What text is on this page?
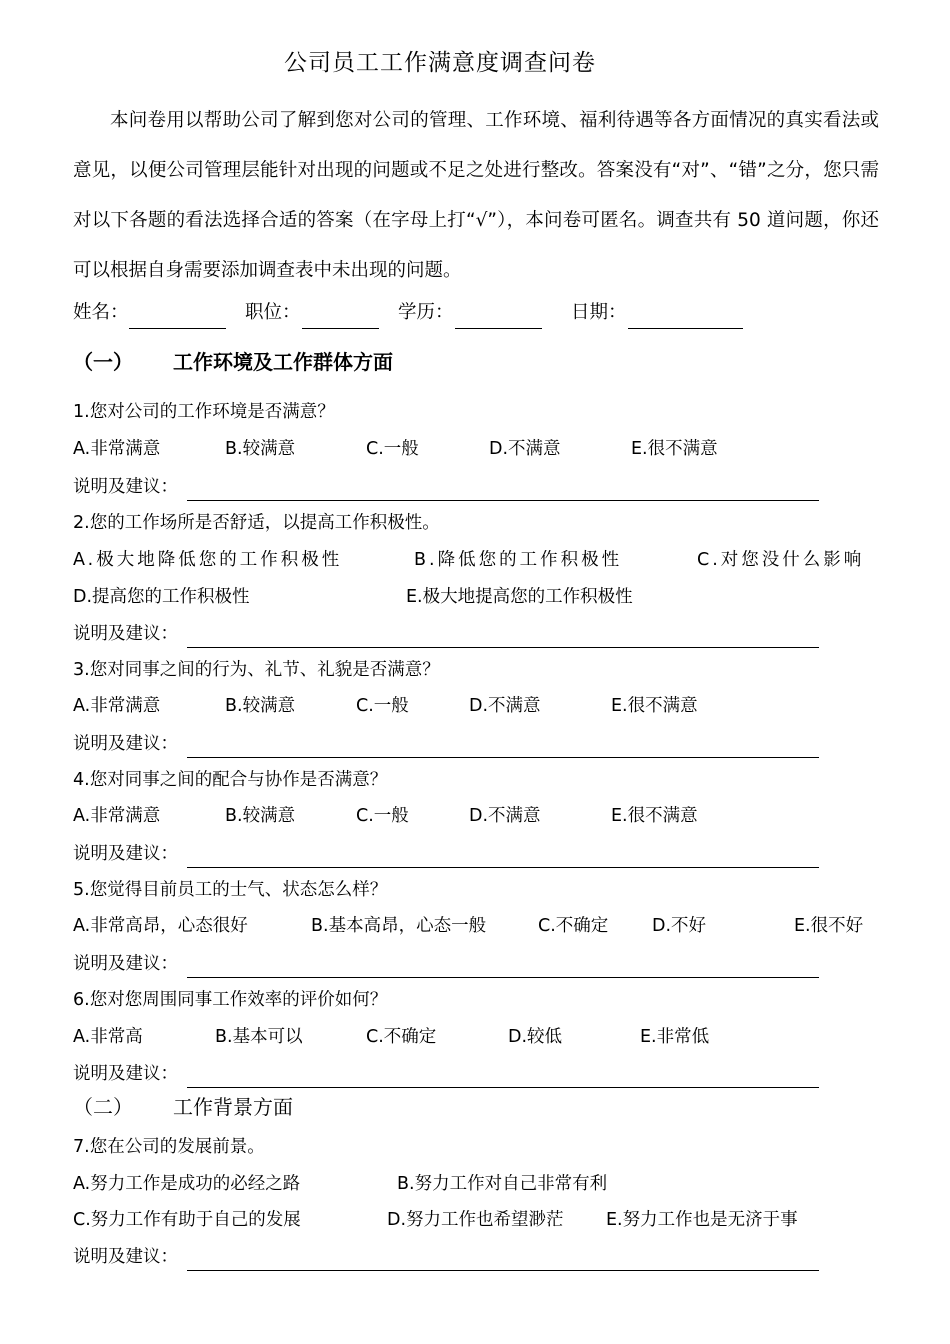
公司员工工作满意度调查问卷
本问卷用以帮助公司了解到您对公司的管理、工作环境、福利待遇等各方面情况的真实看法或意见，以便公司管理层能针对出现的问题或不足之处进行整改。答案没有“对”、“错”之分，您只需对以下各题的看法选择合适的答案（在字母上打“√”），本问卷可匿名。调查共有 50 道问题，你还可以根据自身需要添加调查表中未出现的问题。
姓名：	职位：	学历：	日期：
（一） 工作环境及工作群体方面
1.您对公司的工作环境是否满意？
A.非常满意	B.较满意	C.一般	D.不满意	E.很不满意
说明及建议：
2.您的工作场所是否舒适，以提高工作积极性。
A.极大地降低您的工作积极性	B.降低您的工作积极性	C.对您没什么影响
D.提高您的工作积极性	E.极大地提高您的工作积极性
说明及建议：
3.您对同事之间的行为、礼节、礼貌是否满意？
A.非常满意	B.较满意	C.一般	D.不满意	E.很不满意
说明及建议：
4.您对同事之间的配合与协作是否满意？
A.非常满意	B.较满意	C.一般	D.不满意	E.很不满意
说明及建议：
5.您觉得目前员工的士气、状态怎么样？
A.非常高昂，心态很好	B.基本高昂，心态一般	C.不确定 D.不好	E.很不好
说明及建议：
6.您对您周围同事工作效率的评价如何？
A.非常高	B.基本可以	C.不确定	D.较低	E.非常低
说明及建议：
（二） 工作背景方面
7.您在公司的发展前景。
A.努力工作是成功的必经之路	B.努力工作对自己非常有利
C.努力工作有助于自己的发展	D.努力工作也希望渺茫 E.努力工作也是无济于事
说明及建议：
